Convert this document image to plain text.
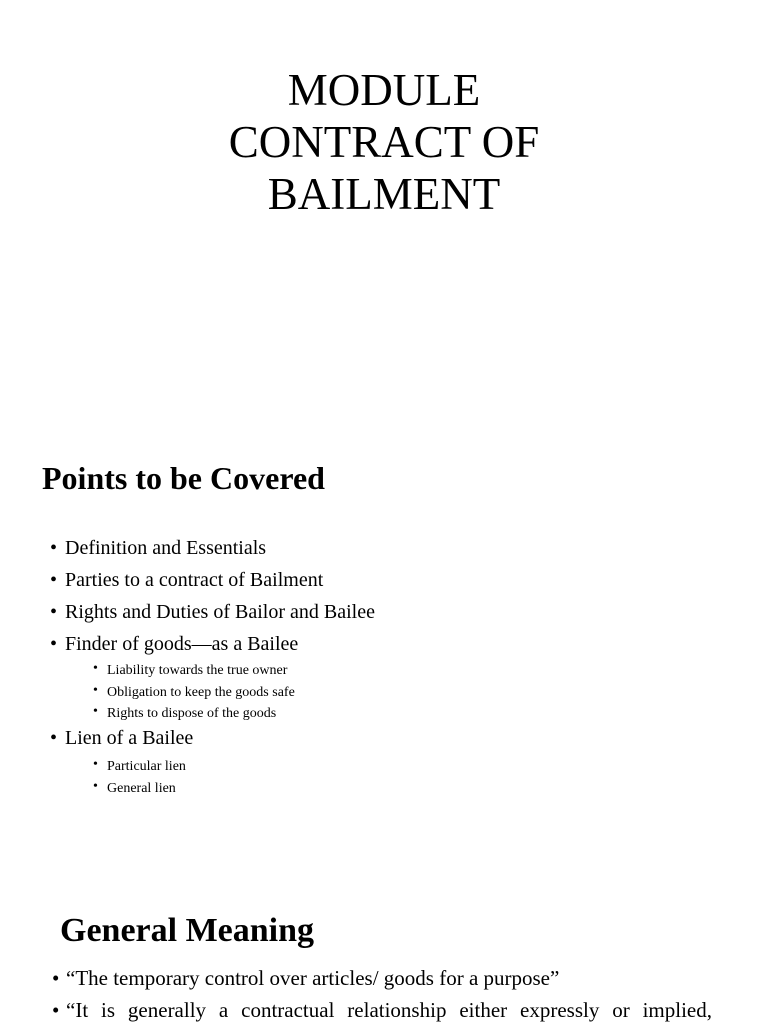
MODULE
CONTRACT OF
BAILMENT
Points to be Covered
• Definition and Essentials
• Parties to a contract of Bailment
• Rights and Duties of Bailor and Bailee
• Finder of goods—as a Bailee
• Liability towards the true owner
• Obligation to keep the goods safe
• Rights to dispose of the goods
• Lien of a Bailee
• Particular lien
• General lien
General Meaning
• “The temporary control over articles/ goods for a purpose”
• “It is generally a contractual relationship either expressly or implied,
